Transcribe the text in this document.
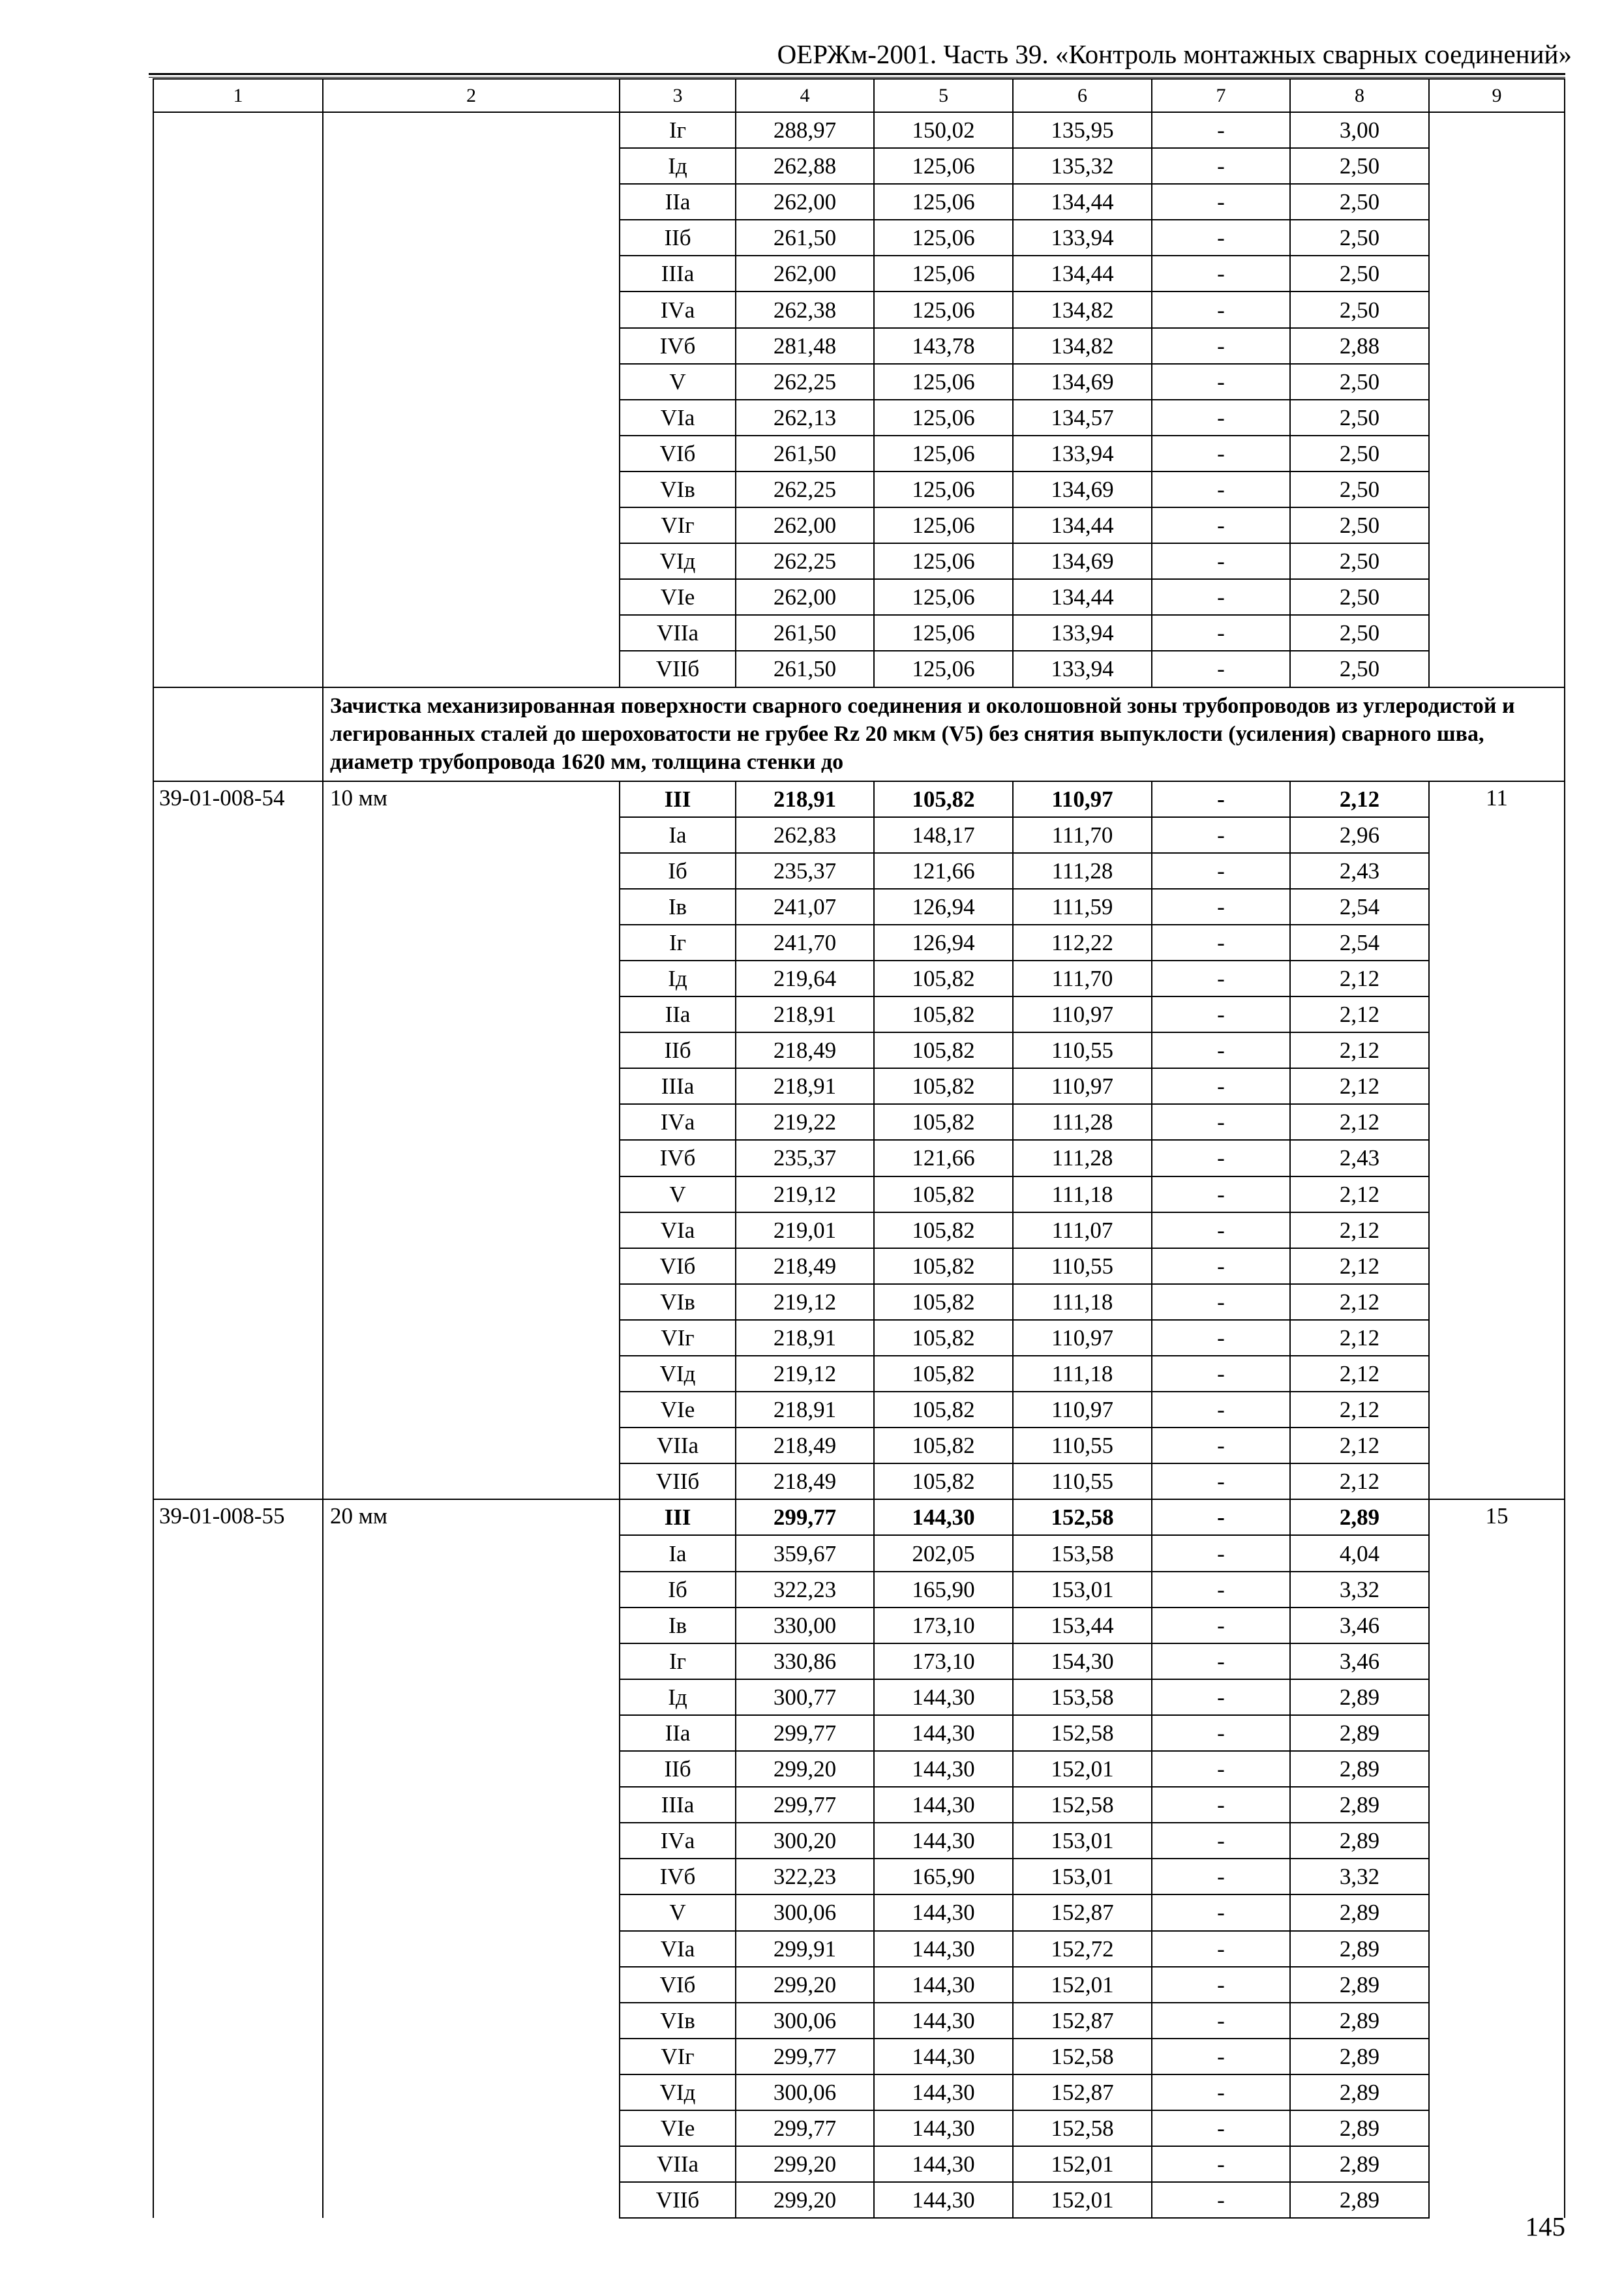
ОЕРЖм-2001. Часть 39. «Контроль монтажных сварных соединений»
1	2	3	4	5	6	7	8	9
		Iг	288,97	150,02	135,95	-	3,00	
		Iд	262,88	125,06	135,32	-	2,50	
		IIа	262,00	125,06	134,44	-	2,50	
		IIб	261,50	125,06	133,94	-	2,50	
		IIIа	262,00	125,06	134,44	-	2,50	
		IVа	262,38	125,06	134,82	-	2,50	
		IVб	281,48	143,78	134,82	-	2,88	
		V	262,25	125,06	134,69	-	2,50	
		VIа	262,13	125,06	134,57	-	2,50	
		VIб	261,50	125,06	133,94	-	2,50	
		VIв	262,25	125,06	134,69	-	2,50	
		VIг	262,00	125,06	134,44	-	2,50	
		VIд	262,25	125,06	134,69	-	2,50	
		VIе	262,00	125,06	134,44	-	2,50	
		VIIа	261,50	125,06	133,94	-	2,50	
		VIIб	261,50	125,06	133,94	-	2,50	
	Зачистка механизированная поверхности сварного соединения и околошовной зоны трубопроводов из углеродистой и легированных сталей до шероховатости не грубее Rz 20 мкм (V5) без снятия выпуклости (усиления) сварного шва, диаметр трубопровода 1620 мм, толщина стенки до							
39-01-008-54	10 мм	III	218,91	105,82	110,97	-	2,12	11
		Iа	262,83	148,17	111,70	-	2,96	
		Iб	235,37	121,66	111,28	-	2,43	
		Iв	241,07	126,94	111,59	-	2,54	
		Iг	241,70	126,94	112,22	-	2,54	
		Iд	219,64	105,82	111,70	-	2,12	
		IIа	218,91	105,82	110,97	-	2,12	
		IIб	218,49	105,82	110,55	-	2,12	
		IIIа	218,91	105,82	110,97	-	2,12	
		IVа	219,22	105,82	111,28	-	2,12	
		IVб	235,37	121,66	111,28	-	2,43	
		V	219,12	105,82	111,18	-	2,12	
		VIа	219,01	105,82	111,07	-	2,12	
		VIб	218,49	105,82	110,55	-	2,12	
		VIв	219,12	105,82	111,18	-	2,12	
		VIг	218,91	105,82	110,97	-	2,12	
		VIд	219,12	105,82	111,18	-	2,12	
		VIе	218,91	105,82	110,97	-	2,12	
		VIIа	218,49	105,82	110,55	-	2,12	
		VIIб	218,49	105,82	110,55	-	2,12	
39-01-008-55	20 мм	III	299,77	144,30	152,58	-	2,89	15
		Iа	359,67	202,05	153,58	-	4,04	
		Iб	322,23	165,90	153,01	-	3,32	
		Iв	330,00	173,10	153,44	-	3,46	
		Iг	330,86	173,10	154,30	-	3,46	
		Iд	300,77	144,30	153,58	-	2,89	
		IIа	299,77	144,30	152,58	-	2,89	
		IIб	299,20	144,30	152,01	-	2,89	
		IIIа	299,77	144,30	152,58	-	2,89	
		IVа	300,20	144,30	153,01	-	2,89	
		IVб	322,23	165,90	153,01	-	3,32	
		V	300,06	144,30	152,87	-	2,89	
		VIа	299,91	144,30	152,72	-	2,89	
		VIб	299,20	144,30	152,01	-	2,89	
		VIв	300,06	144,30	152,87	-	2,89	
		VIг	299,77	144,30	152,58	-	2,89	
		VIд	300,06	144,30	152,87	-	2,89	
		VIе	299,77	144,30	152,58	-	2,89	
		VIIа	299,20	144,30	152,01	-	2,89	
		VIIб	299,20	144,30	152,01	-	2,89	
145
